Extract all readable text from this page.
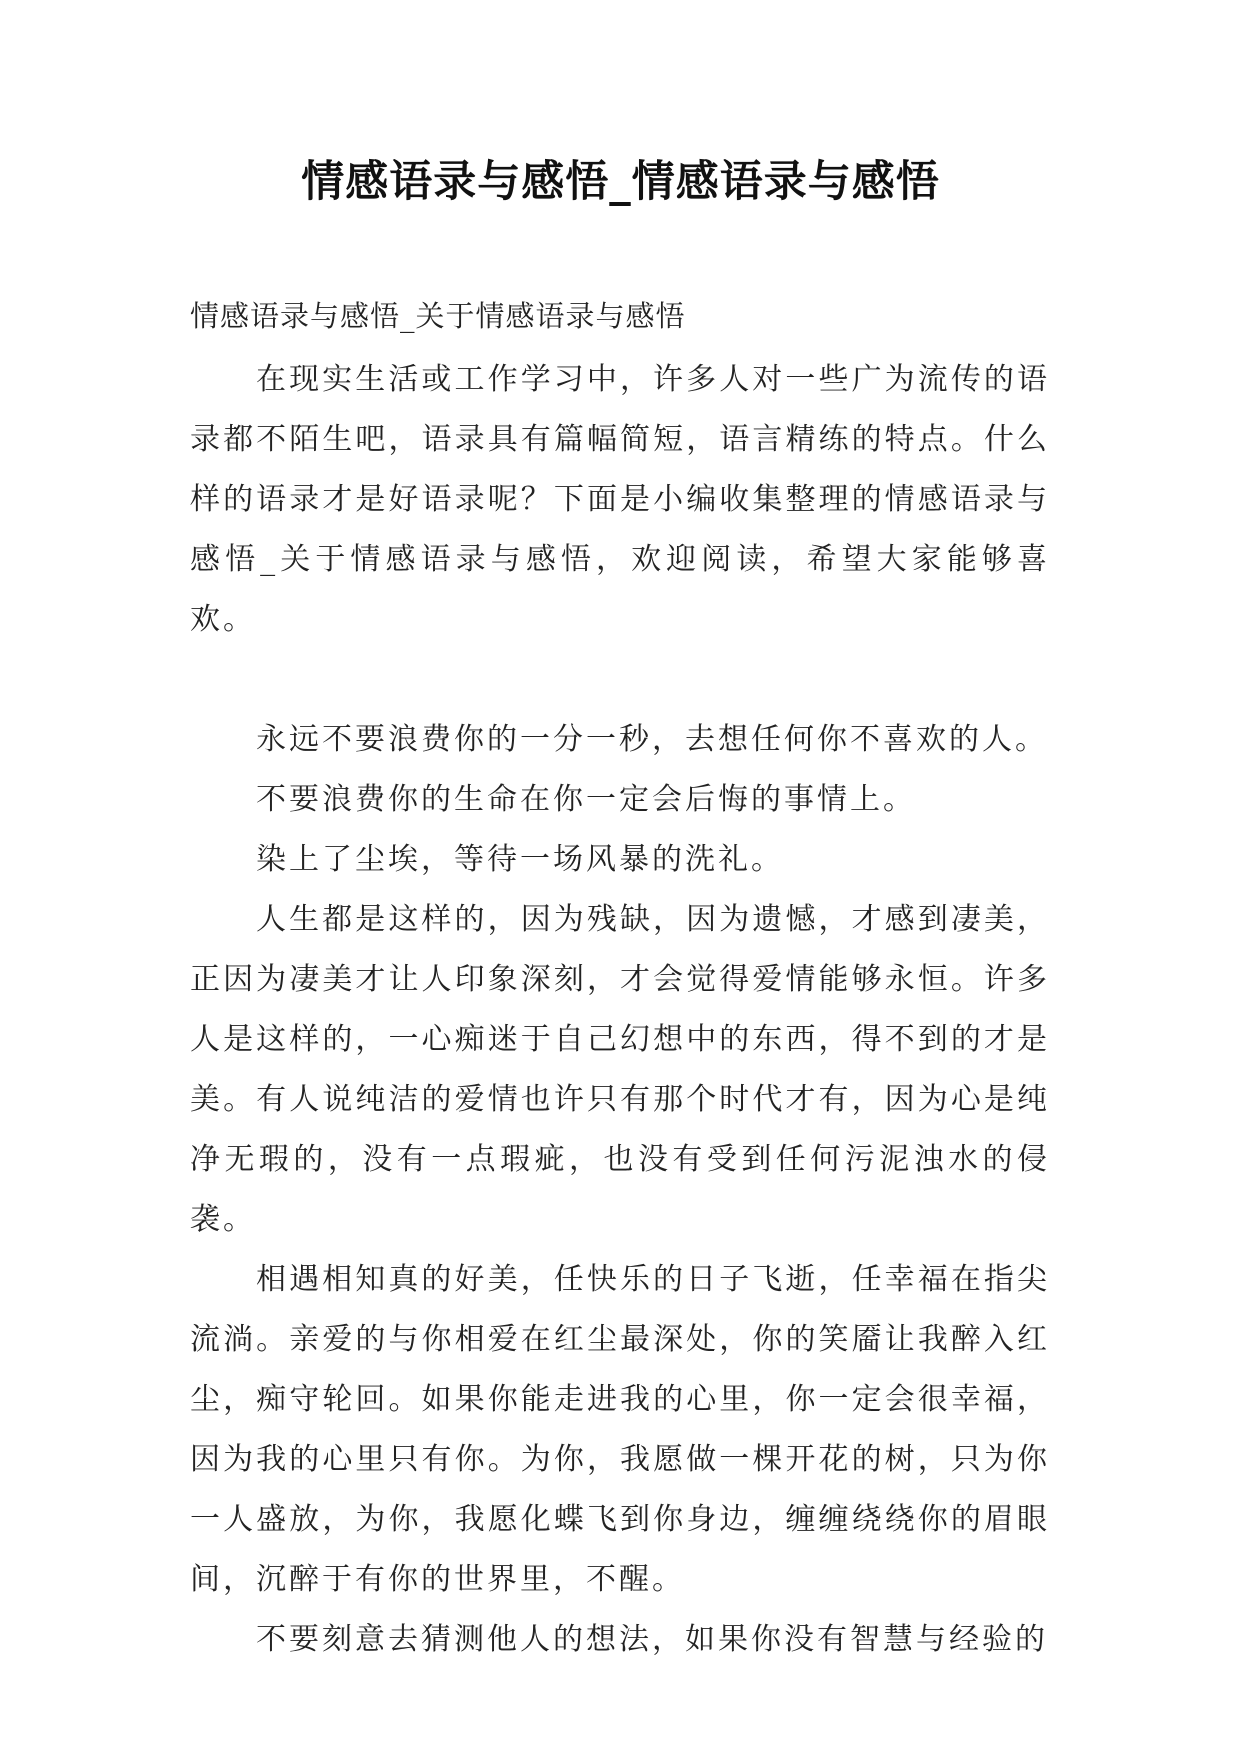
情感语录与感悟_情感语录与感悟
情感语录与感悟_关于情感语录与感悟

在现实生活或工作学习中，许多人对一些广为流传的语录都不陌生吧，语录具有篇幅简短，语言精练的特点。什么样的语录才是好语录呢？下面是小编收集整理的情感语录与感悟_关于情感语录与感悟，欢迎阅读，希望大家能够喜欢。

永远不要浪费你的一分一秒，去想任何你不喜欢的人。

不要浪费你的生命在你一定会后悔的事情上。

染上了尘埃，等待一场风暴的洗礼。

人生都是这样的，因为残缺，因为遗憾，才感到凄美，正因为凄美才让人印象深刻，才会觉得爱情能够永恒。许多人是这样的，一心痴迷于自己幻想中的东西，得不到的才是美。有人说纯洁的爱情也许只有那个时代才有，因为心是纯净无瑕的，没有一点瑕疵，也没有受到任何污泥浊水的侵袭。

相遇相知真的好美，任快乐的日子飞逝，任幸福在指尖流淌。亲爱的与你相爱在红尘最深处，你的笑靥让我醉入红尘，痴守轮回。如果你能走进我的心里，你一定会很幸福，因为我的心里只有你。为你，我愿做一棵开花的树，只为你一人盛放，为你，我愿化蝶飞到你身边，缠缠绕绕你的眉眼间，沉醉于有你的世界里，不醒。

不要刻意去猜测他人的想法，如果你没有智慧与经验的
